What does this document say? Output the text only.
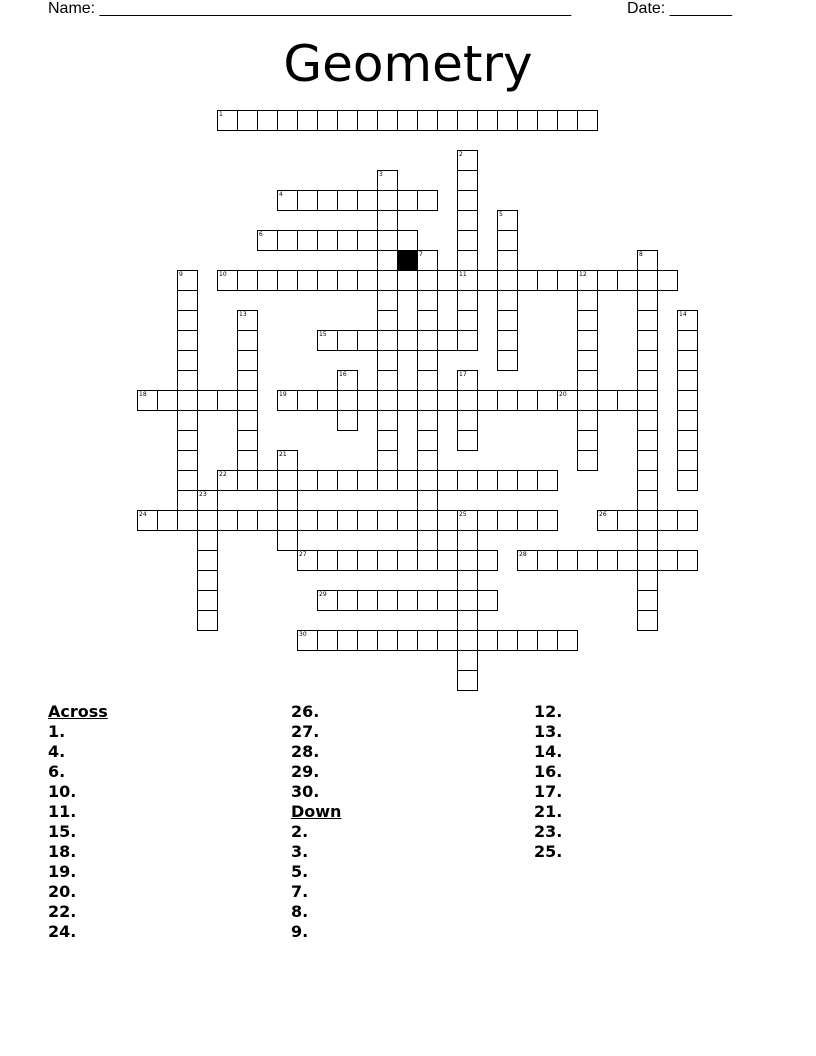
Name: _____________________________________________________	Date: _______
Geometry
1
2
11
3
4
5
6
7	8
9	10	12
13	14
15
16	17
18	19	20
21
22
23
24	25	26
27	28
29
30
Across
1.
4.
6.
10.
11.
15.
18.
19.
20.
22.
24.
26.
27.
28.
29.
30.
Down
2.
3.
5.
7.
8.
9.
12.
13.
14.
16.
17.
21.
23.
25.
